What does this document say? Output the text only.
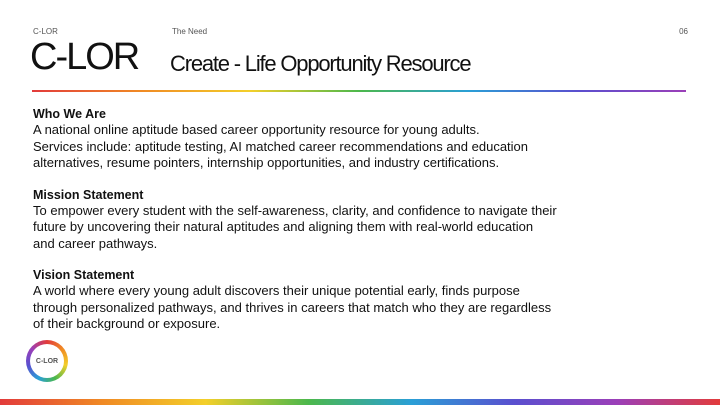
C-LOR	The Need	06
C-LOR Create - Life Opportunity Resource
Who We Are

A national online aptitude based career opportunity resource for young adults.

Services include: aptitude testing, AI matched career recommendations and education

alternatives, resume pointers, internship opportunities, and industry certifications.

Mission Statement

To empower every student with the self-awareness, clarity, and confidence to navigate their

future by uncovering their natural aptitudes and aligning them with real-world education

and career pathways.

Vision Statement

A world where every young adult discovers their unique potential early, finds purpose

through personalized pathways, and thrives in careers that match who they are regardless

of their background or exposure.

C-LOR
